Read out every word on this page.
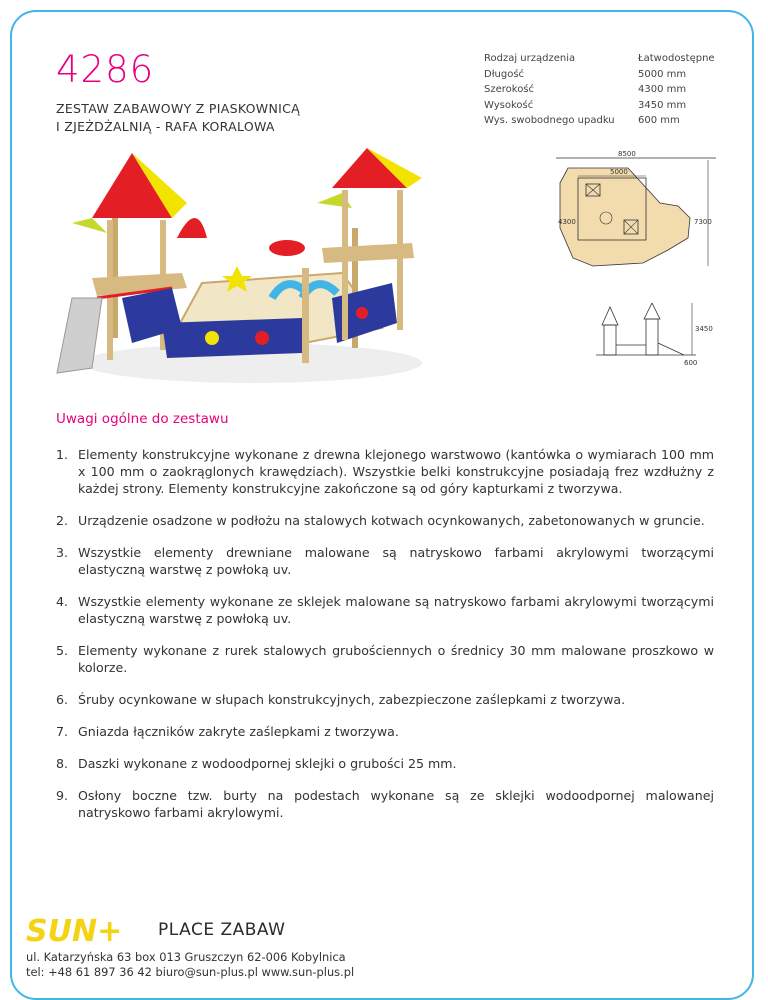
4286
ZESTAW ZABAWOWY Z PIASKOWNICĄ
I ZJEŻDŻALNIĄ - RAFA KORALOWA
Rodzaj urządzenia	Łatwodostępne
Długość	5000 mm
Szerokość	4300 mm
Wysokość	3450 mm
Wys. swobodnego upadku	600 mm
8500
5000
4300	7300
3450
600
Uwagi ogólne do zestawu
1. Elementy konstrukcyjne wykonane z drewna klejonego warstwowo (kantówka o wymiarach 100 mm x 100 mm o zaokrąglonych krawędziach). Wszystkie belki konstrukcyjne posiadają frez wzdłużny z każdej strony. Elementy konstrukcyjne zakończone są od góry kapturkami z tworzywa.
2. Urządzenie osadzone w podłożu na stalowych kotwach ocynkowanych, zabetonowanych w gruncie.
3. Wszystkie elementy drewniane malowane są natryskowo farbami akrylowymi tworzącymi elastyczną warstwę z powłoką uv.
4. Wszystkie elementy wykonane ze sklejek malowane są natryskowo farbami akrylowymi tworzącymi elastyczną warstwę z powłoką uv.
5. Elementy wykonane z rurek stalowych grubościennych o średnicy 30 mm malowane proszkowo w kolorze.
6. Śruby ocynkowane w słupach konstrukcyjnych, zabezpieczone zaślepkami z tworzywa.
7. Gniazda łączników zakryte zaślepkami z tworzywa.
8. Daszki wykonane z wodoodpornej sklejki o grubości 25 mm.
9. Osłony boczne tzw. burty na podestach wykonane są ze sklejki wodoodpornej malowanej natryskowo farbami akrylowymi.
SUN+ PLACE ZABAW
ul. Katarzyńska 63 box 013 Gruszczyn 62-006 Kobylnica
tel: +48 61 897 36 42 biuro@sun-plus.pl www.sun-plus.pl
